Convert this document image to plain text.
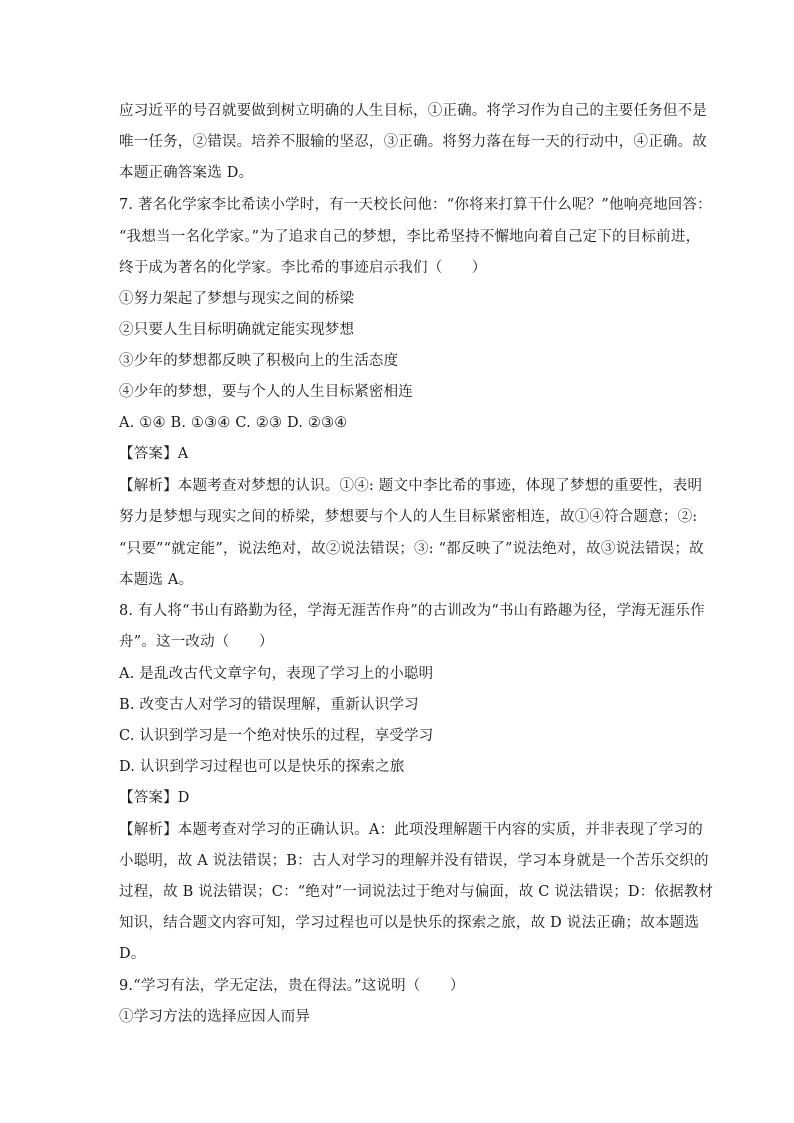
应习近平的号召就要做到树立明确的人生目标，①正确。将学习作为自己的主要任务但不是
唯一任务，②错误。培养不服输的坚忍，③正确。将努力落在每一天的行动中，④正确。故
本题正确答案选 D。
7. 著名化学家李比希读小学时，有一天校长问他：“你将来打算干什么呢？”他响亮地回答：
“我想当一名化学家。”为了追求自己的梦想，李比希坚持不懈地向着自己定下的目标前进，
终于成为著名的化学家。李比希的事迹启示我们（　　）
①努力架起了梦想与现实之间的桥梁
②只要人生目标明确就定能实现梦想
③少年的梦想都反映了积极向上的生活态度
④少年的梦想，要与个人的人生目标紧密相连
A. ①④ B. ①③④ C. ②③ D. ②③④
【答案】A
【解析】本题考查对梦想的认识。①④: 题文中李比希的事迹，体现了梦想的重要性，表明
努力是梦想与现实之间的桥梁，梦想要与个人的人生目标紧密相连，故①④符合题意；②:
“只要”“就定能”，说法绝对，故②说法错误；③: “都反映了”说法绝对，故③说法错误；故
本题选 A。
8. 有人将“书山有路勤为径，学海无涯苦作舟”的古训改为“书山有路趣为径，学海无涯乐作
舟”。这一改动（　　）
A. 是乱改古代文章字句，表现了学习上的小聪明
B. 改变古人对学习的错误理解，重新认识学习
C. 认识到学习是一个绝对快乐的过程，享受学习
D. 认识到学习过程也可以是快乐的探索之旅
【答案】D
【解析】本题考查对学习的正确认识。A：此项没理解题干内容的实质，并非表现了学习的
小聪明，故 A 说法错误；B：古人对学习的理解并没有错误，学习本身就是一个苦乐交织的
过程，故 B 说法错误；C：“绝对”一词说法过于绝对与偏面，故 C 说法错误；D：依据教材
知识，结合题文内容可知，学习过程也可以是快乐的探索之旅，故 D 说法正确；故本题选
D。
9.“学习有法，学无定法，贵在得法。”这说明（　　）
①学习方法的选择应因人而异
